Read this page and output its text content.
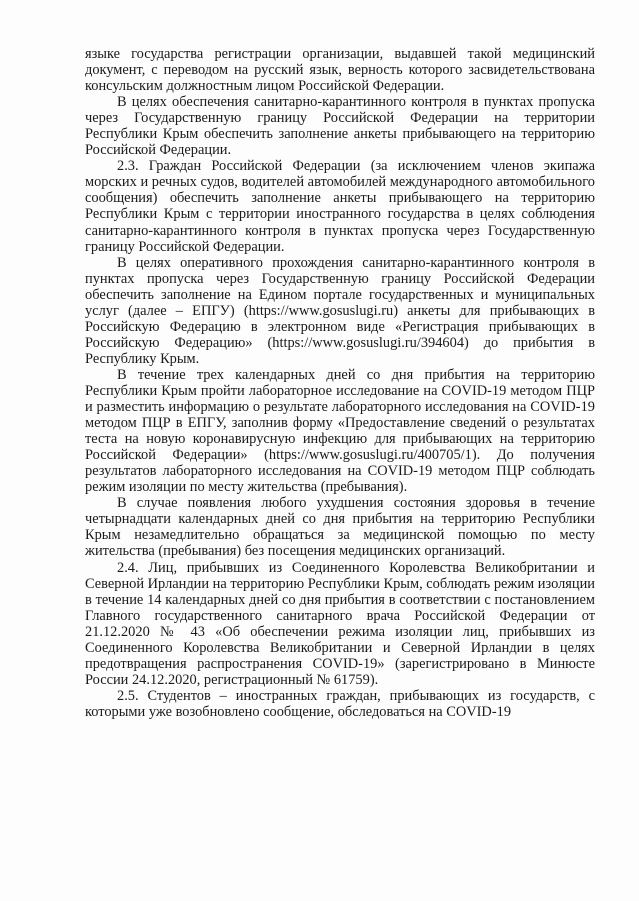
языке государства регистрации организации, выдавшей такой медицинский документ, с переводом на русский язык, верность которого засвидетельствована консульским должностным лицом Российской Федерации.

В целях обеспечения санитарно-карантинного контроля в пунктах пропуска через Государственную границу Российской Федерации на территории Республики Крым обеспечить заполнение анкеты прибывающего на территорию Российской Федерации.

2.3. Граждан Российской Федерации (за исключением членов экипажа морских и речных судов, водителей автомобилей международного автомобильного сообщения) обеспечить заполнение анкеты прибывающего на территорию Республики Крым с территории иностранного государства в целях соблюдения санитарно-карантинного контроля в пунктах пропуска через Государственную границу Российской Федерации.

В целях оперативного прохождения санитарно-карантинного контроля в пунктах пропуска через Государственную границу Российской Федерации обеспечить заполнение на Едином портале государственных и муниципальных услуг (далее – ЕПГУ) (https://www.gosuslugi.ru) анкеты для прибывающих в Российскую Федерацию в электронном виде «Регистрация прибывающих в Российскую Федерацию» (https://www.gosuslugi.ru/394604) до прибытия в Республику Крым.

В течение трех календарных дней со дня прибытия на территорию Республики Крым пройти лабораторное исследование на COVID-19 методом ПЦР и разместить информацию о результате лабораторного исследования на COVID-19 методом ПЦР в ЕПГУ, заполнив форму «Предоставление сведений о результатах теста на новую коронавирусную инфекцию для прибывающих на территорию Российской Федерации» (https://www.gosuslugi.ru/400705/1). До получения результатов лабораторного исследования на COVID-19 методом ПЦР соблюдать режим изоляции по месту жительства (пребывания).

В случае появления любого ухудшения состояния здоровья в течение четырнадцати календарных дней со дня прибытия на территорию Республики Крым незамедлительно обращаться за медицинской помощью по месту жительства (пребывания) без посещения медицинских организаций.

2.4. Лиц, прибывших из Соединенного Королевства Великобритании и Северной Ирландии на территорию Республики Крым, соблюдать режим изоляции в течение 14 календарных дней со дня прибытия в соответствии с постановлением Главного государственного санитарного врача Российской Федерации от 21.12.2020 № 43 «Об обеспечении режима изоляции лиц, прибывших из Соединенного Королевства Великобритании и Северной Ирландии в целях предотвращения распространения COVID-19» (зарегистрировано в Минюсте России 24.12.2020, регистрационный № 61759).

2.5. Студентов – иностранных граждан, прибывающих из государств, с которыми уже возобновлено сообщение, обследоваться на COVID-19
